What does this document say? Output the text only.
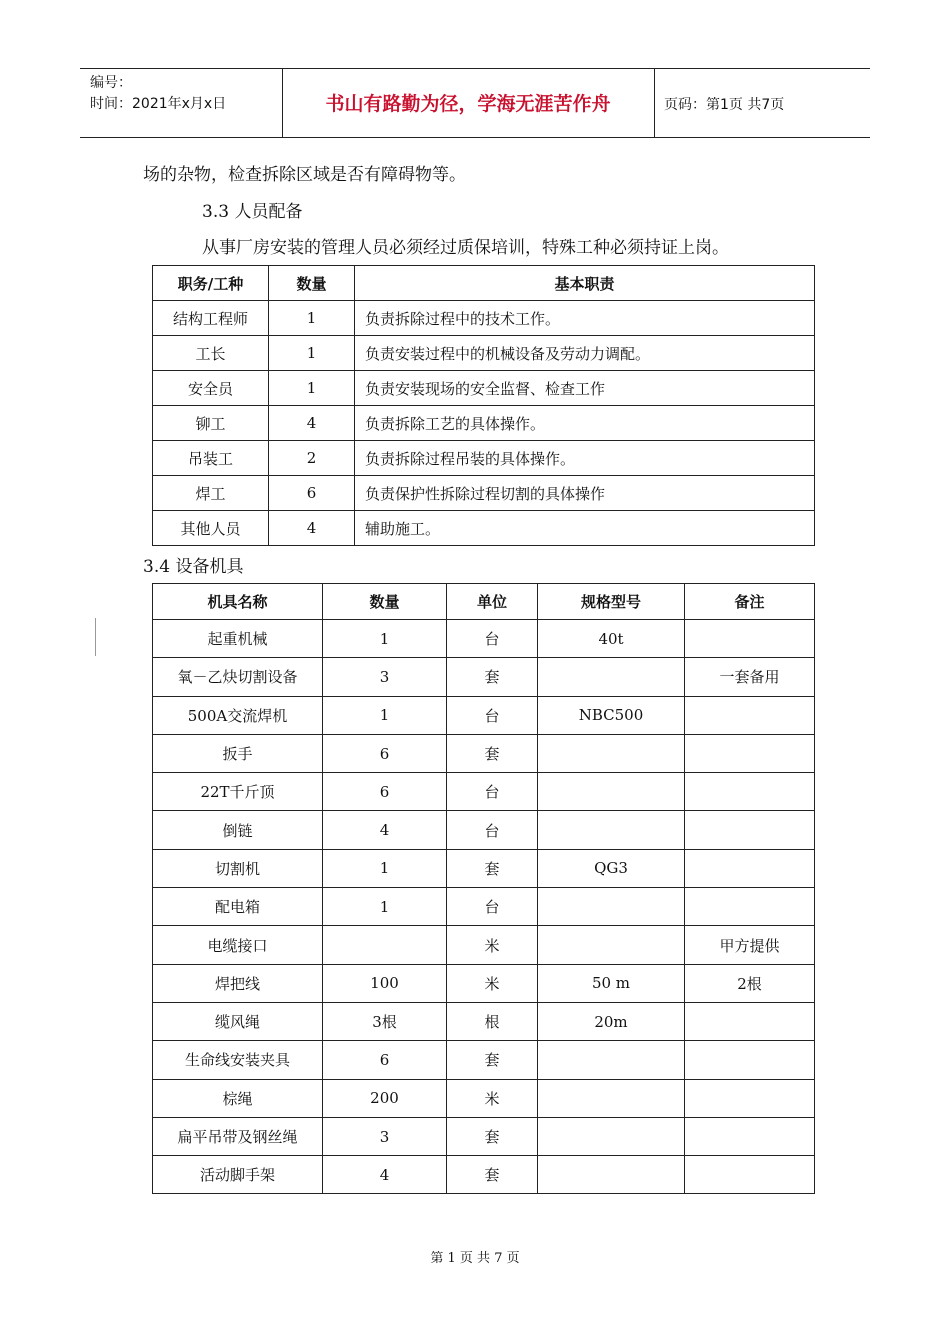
编号：
时间：2021年x月x日	书山有路勤为径，学海无涯苦作舟	页码：第1页 共7页
场的杂物，检查拆除区域是否有障碍物等。
3.3 人员配备
从事厂房安装的管理人员必须经过质保培训，特殊工种必须持证上岗。
职务/工种	数量	基本职责
结构工程师	1	负责拆除过程中的技术工作。
工长	1	负责安装过程中的机械设备及劳动力调配。
安全员	1	负责安装现场的安全监督、检查工作
铆工	4	负责拆除工艺的具体操作。
吊装工	2	负责拆除过程吊装的具体操作。
焊工	6	负责保护性拆除过程切割的具体操作
其他人员	4	辅助施工。
3.4 设备机具
机具名称	数量	单位	规格型号	备注
起重机械	1	台	40t	
氧－乙炔切割设备	3	套		一套备用
500A交流焊机	1	台	NBC500	
扳手	6	套		
22T千斤顶	6	台		
倒链	4	台		
切割机	1	套	QG3	
配电箱	1	台		
电缆接口		米		甲方提供
焊把线	100	米	50 m	2根
缆风绳	3根	根	20m	
生命线安装夹具	6	套		
棕绳	200	米		
扁平吊带及钢丝绳	3	套		
活动脚手架	4	套		
第 1 页 共 7 页
